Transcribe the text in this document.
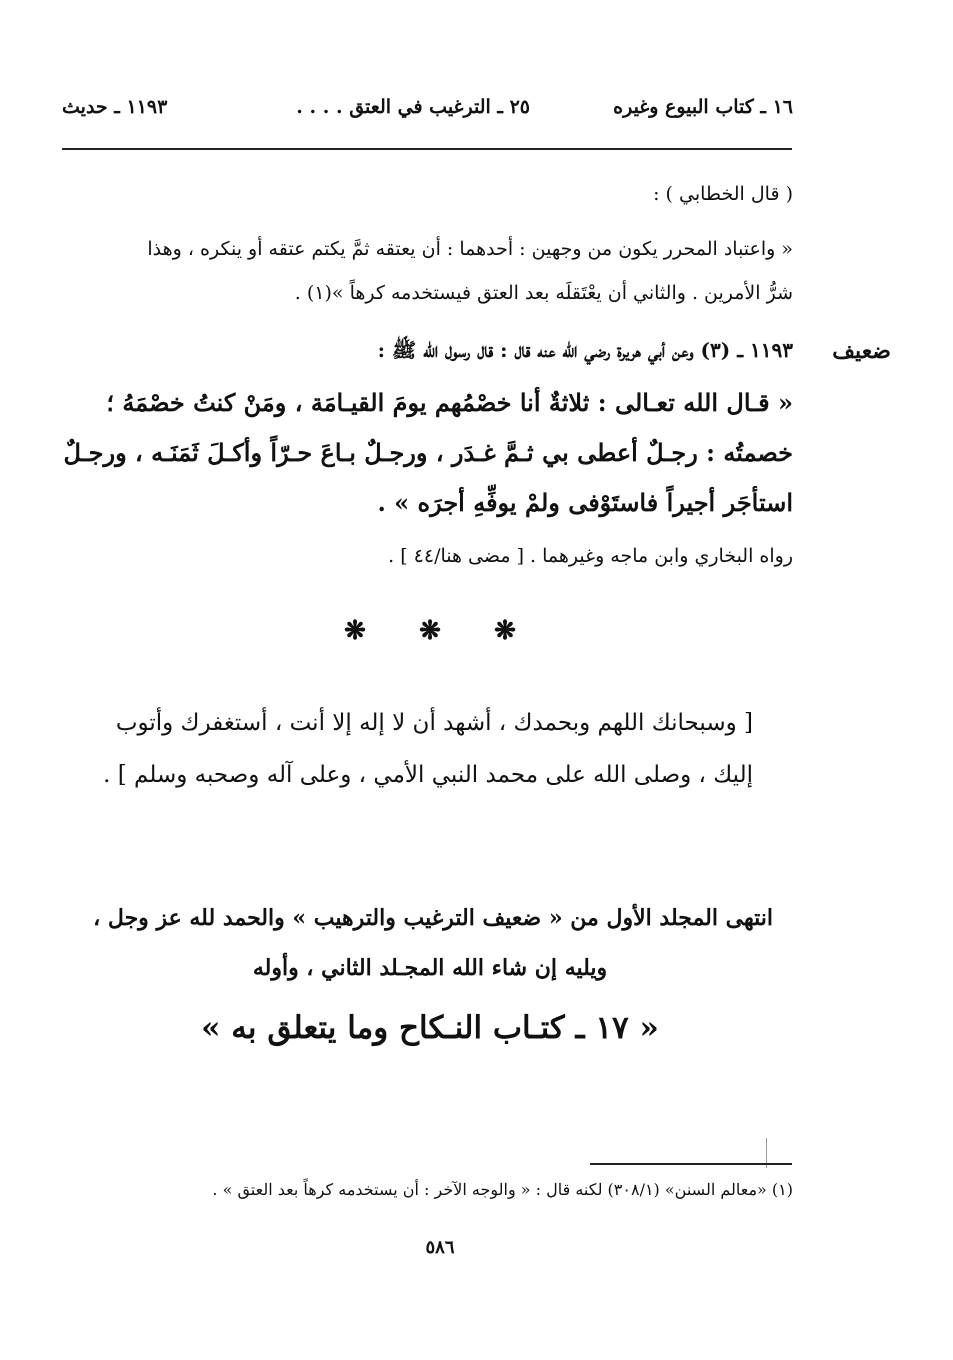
١٦ ـ كتاب البيوع وغيره
٢٥ ـ الترغيب في العتق . . . .
١١٩٣ ـ حديث
( قال الخطابي ) :
« واعتباد المحرر يكون من وجهين : أحدهما : أن يعتقه ثمَّ يكتم عتقه أو ينكره ، وهذا
شرُّ الأمرين . والثاني أن يعْتَقلَه بعد العتق فيستخدمه كرهاً »(١) .
ضعيف
١١٩٣ ـ (٣) وعن أبي هريرة رضي الله عنه قال : قال رسول الله ﷺ :
« قـال الله تعـالى : ثلاثةٌ أنا خصْمُهم يومَ القيـامَة ، ومَنْ كنتُ خصْمَهُ ؛
خصمتُه : رجـلٌ أعطى بي ثـمَّ غـدَر ، ورجـلٌ بـاعَ حـرّاً وأكـلَ ثَمَنَـه ، ورجـلٌ
استأجَر أجيراً فاستَوْفى ولمْ يوفِّهِ أجرَه » .
رواه البخاري وابن ماجه وغيرهما . [ مضى هنا/٤٤ ] .
❋ ❋ ❋
[ وسبحانك اللهم وبحمدك ، أشهد أن لا إله إلا أنت ، أستغفرك وأتوب
إليك ، وصلى الله على محمد النبي الأمي ، وعلى آله وصحبه وسلم ] .
انتهى المجلد الأول من « ضعيف الترغيب والترهيب » والحمد لله عز وجل ،
ويليه إن شاء الله المجـلد الثاني ، وأوله
« ١٧ ـ كتـاب النـكاح وما يتعلق به »
(١) «معالم السنن» (٣٠٨/١) لكنه قال : « والوجه الآخر : أن يستخدمه كرهاً بعد العتق » .
٥٨٦
